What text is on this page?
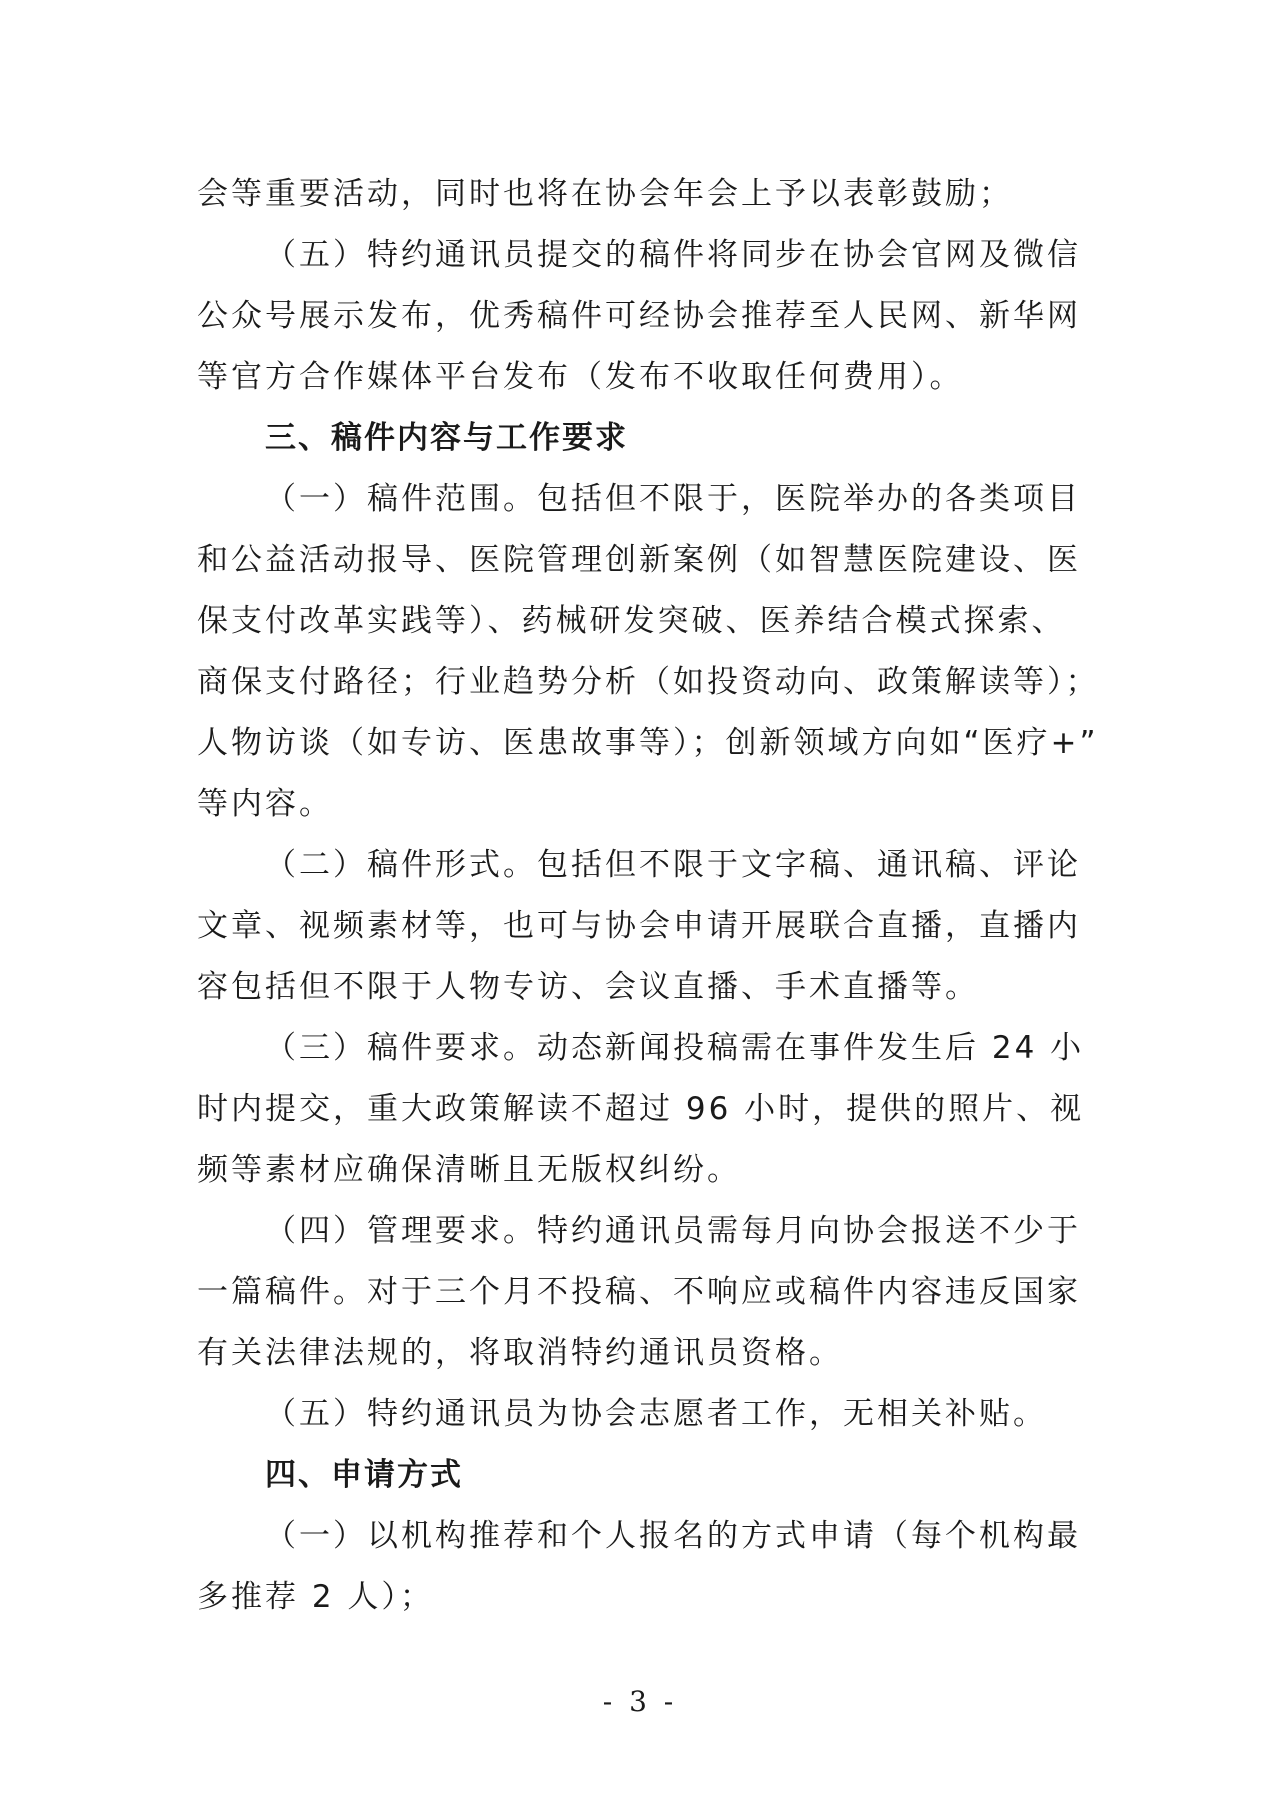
会等重要活动，同时也将在协会年会上予以表彰鼓励；
（五）特约通讯员提交的稿件将同步在协会官网及微信
公众号展示发布，优秀稿件可经协会推荐至人民网、新华网
等官方合作媒体平台发布（发布不收取任何费用）。
三、稿件内容与工作要求
（一）稿件范围。包括但不限于，医院举办的各类项目
和公益活动报导、医院管理创新案例（如智慧医院建设、医
保支付改革实践等）、药械研发突破、医养结合模式探索、
商保支付路径；行业趋势分析（如投资动向、政策解读等）；
人物访谈（如专访、医患故事等）；创新领域方向如“医疗+”
等内容。
（二）稿件形式。包括但不限于文字稿、通讯稿、评论
文章、视频素材等，也可与协会申请开展联合直播，直播内
容包括但不限于人物专访、会议直播、手术直播等。
（三）稿件要求。动态新闻投稿需在事件发生后 24 小
时内提交，重大政策解读不超过 96 小时，提供的照片、视
频等素材应确保清晰且无版权纠纷。
（四）管理要求。特约通讯员需每月向协会报送不少于
一篇稿件。对于三个月不投稿、不响应或稿件内容违反国家
有关法律法规的，将取消特约通讯员资格。
（五）特约通讯员为协会志愿者工作，无相关补贴。
四、申请方式
（一）以机构推荐和个人报名的方式申请（每个机构最
多推荐 2 人）；
- 3 -
